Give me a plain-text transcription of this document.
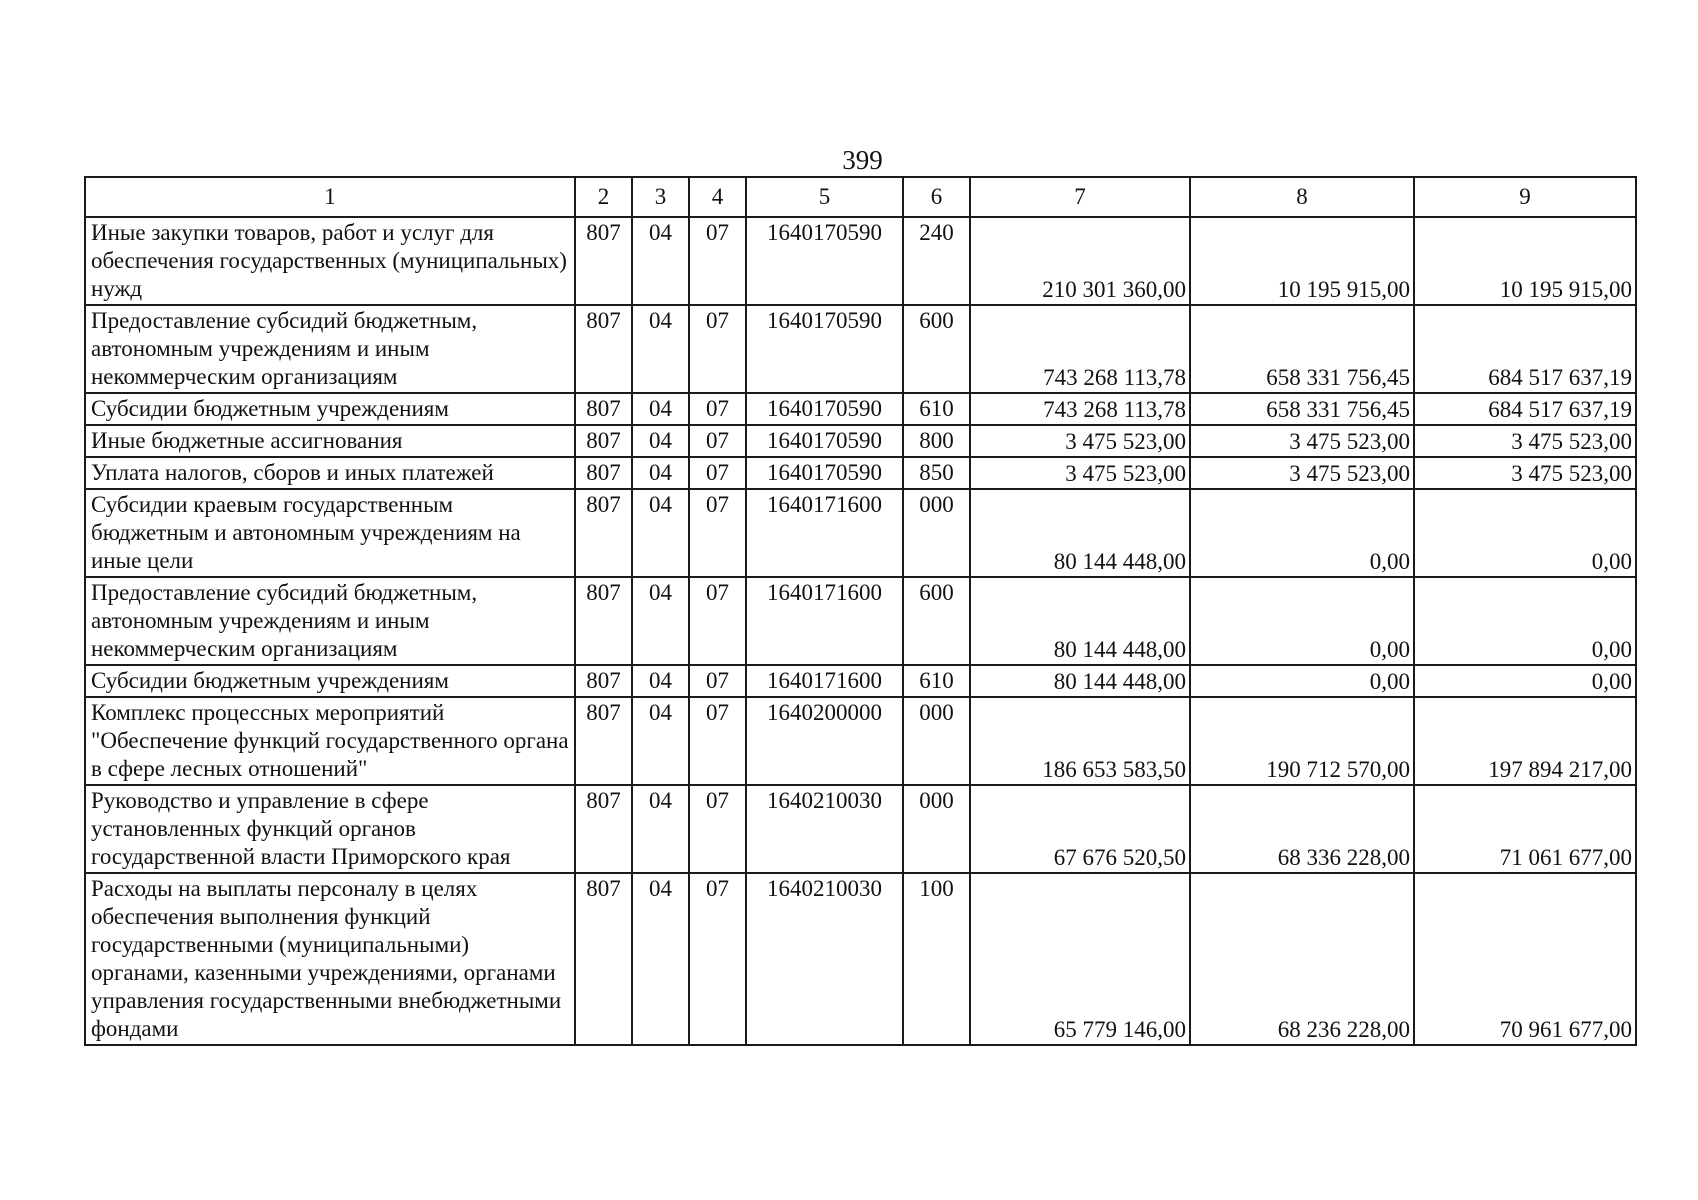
399
1	2	3	4	5	6	7	8	9
Иные закупки товаров, работ и услуг для обеспечения государственных (муниципальных) нужд	807	04	07	1640170590	240	210 301 360,00	10 195 915,00	10 195 915,00
Предоставление субсидий бюджетным, автономным учреждениям и иным некоммерческим организациям	807	04	07	1640170590	600	743 268 113,78	658 331 756,45	684 517 637,19
Субсидии бюджетным учреждениям	807	04	07	1640170590	610	743 268 113,78	658 331 756,45	684 517 637,19
Иные бюджетные ассигнования	807	04	07	1640170590	800	3 475 523,00	3 475 523,00	3 475 523,00
Уплата налогов, сборов и иных платежей	807	04	07	1640170590	850	3 475 523,00	3 475 523,00	3 475 523,00
Субсидии краевым государственным бюджетным и автономным учреждениям на иные цели	807	04	07	1640171600	000	80 144 448,00	0,00	0,00
Предоставление субсидий бюджетным, автономным учреждениям и иным некоммерческим организациям	807	04	07	1640171600	600	80 144 448,00	0,00	0,00
Субсидии бюджетным учреждениям	807	04	07	1640171600	610	80 144 448,00	0,00	0,00
Комплекс процессных мероприятий "Обеспечение функций государственного органа в сфере лесных отношений"	807	04	07	1640200000	000	186 653 583,50	190 712 570,00	197 894 217,00
Руководство и управление в сфере установленных функций органов государственной власти Приморского края	807	04	07	1640210030	000	67 676 520,50	68 336 228,00	71 061 677,00
Расходы на выплаты персоналу в целях обеспечения выполнения функций государственными (муниципальными) органами, казенными учреждениями, органами управления государственными внебюджетными фондами	807	04	07	1640210030	100	65 779 146,00	68 236 228,00	70 961 677,00
